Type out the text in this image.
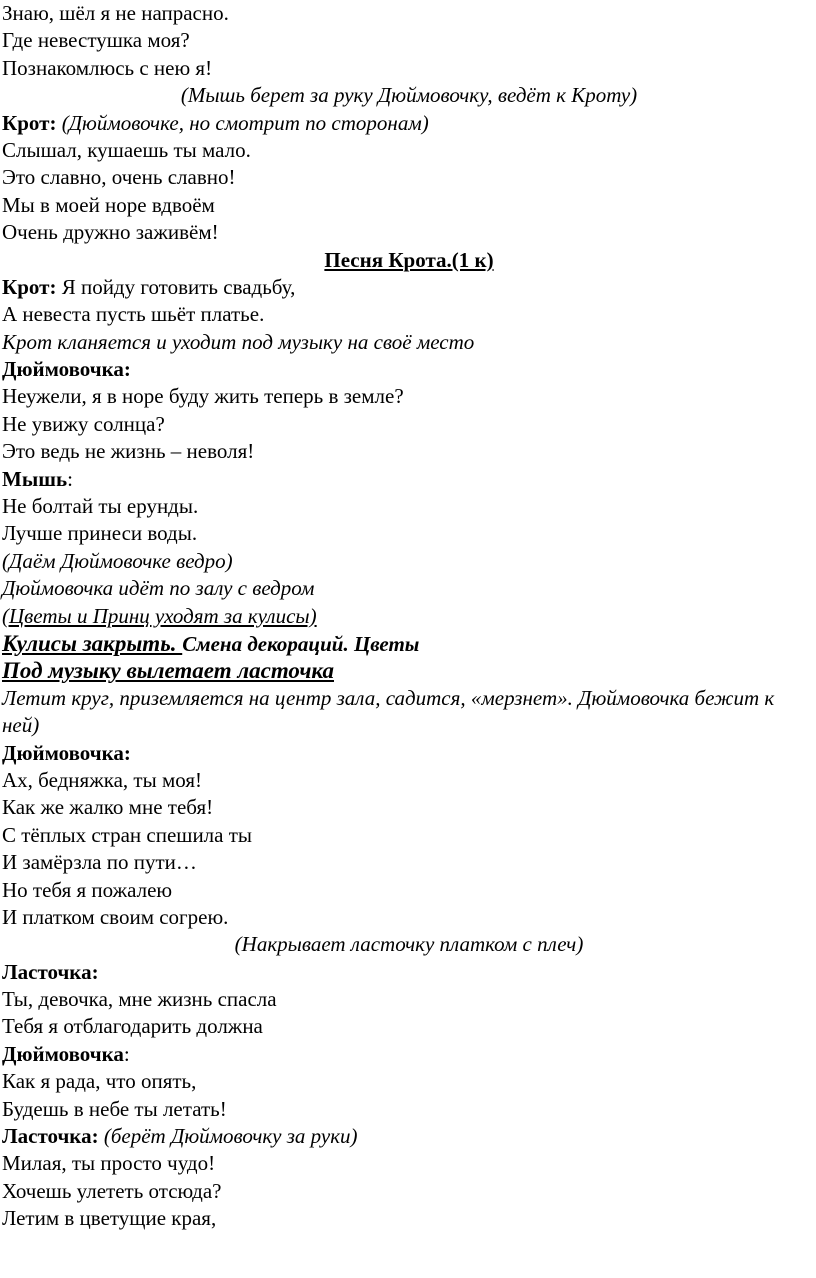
Знаю, шёл я не напрасно.
Где невестушка моя?
Познакомлюсь с нею я!
(Мышь берет за руку Дюймовочку, ведёт к Кроту)
Крот: (Дюймовочке, но смотрит по сторонам)
Слышал, кушаешь ты мало.
Это славно, очень славно!
Мы в моей норе вдвоём
Очень дружно заживём!
Песня Крота.(1 к)
Крот: Я пойду готовить свадьбу,
А невеста пусть шьёт платье.
Крот кланяется и уходит под музыку на своё место
Дюймовочка:
Неужели, я в норе буду жить теперь в земле?
Не увижу солнца?
Это ведь не жизнь – неволя!
Мышь:
Не болтай ты ерунды.
Лучше принеси воды.
(Даём Дюймовочке ведро)
Дюймовочка идёт по залу с ведром
(Цветы и Принц уходят за кулисы)
Кулисы закрыть. Смена декораций. Цветы
Под музыку вылетает ласточка
Летит круг, приземляется на центр зала, садится, «мерзнет». Дюймовочка бежит к ней)
Дюймовочка:
Ах, бедняжка, ты моя!
Как же жалко мне тебя!
С тёплых стран спешила ты
И замёрзла по пути…
Но тебя я пожалею
И платком своим согрею.
(Накрывает ласточку платком с плеч)
Ласточка:
Ты, девочка, мне жизнь спасла
Тебя я отблагодарить должна
Дюймовочка:
Как я рада, что опять,
Будешь в небе ты летать!
Ласточка: (берёт Дюймовочку за руки)
Милая, ты просто чудо!
Хочешь улететь отсюда?
Летим в цветущие края,
